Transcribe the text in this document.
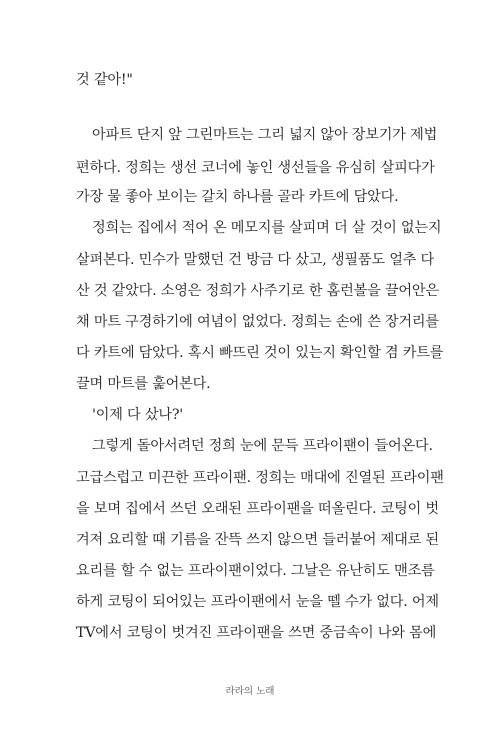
것 같아!"
아파트 단지 앞 그린마트는 그리 넓지 않아 장보기가 제법
편하다. 정희는 생선 코너에 놓인 생선들을 유심히 살피다가
가장 물 좋아 보이는 갈치 하나를 골라 카트에 담았다.
정희는 집에서 적어 온 메모지를 살피며 더 살 것이 없는지
살펴본다. 민수가 말했던 건 방금 다 샀고, 생필품도 얼추 다
산 것 같았다. 소영은 정희가 사주기로 한 홈런볼을 끌어안은
채 마트 구경하기에 여념이 없었다. 정희는 손에 쓴 장거리를
다 카트에 담았다. 혹시 빠뜨린 것이 있는지 확인할 겸 카트를
끌며 마트를 훑어본다.
'이제 다 샀나?'
그렇게 돌아서려던 정희 눈에 문득 프라이팬이 들어온다.
고급스럽고 미끈한 프라이팬. 정희는 매대에 진열된 프라이팬
을 보며 집에서 쓰던 오래된 프라이팬을 떠올린다. 코팅이 벗
겨져 요리할 때 기름을 잔뜩 쓰지 않으면 들러붙어 제대로 된
요리를 할 수 없는 프라이팬이었다. 그날은 유난히도 맨조름
하게 코팅이 되어있는 프라이팬에서 눈을 뗄 수가 없다. 어제
TV에서 코팅이 벗겨진 프라이팬을 쓰면 중금속이 나와 몸에
라라의 노래
